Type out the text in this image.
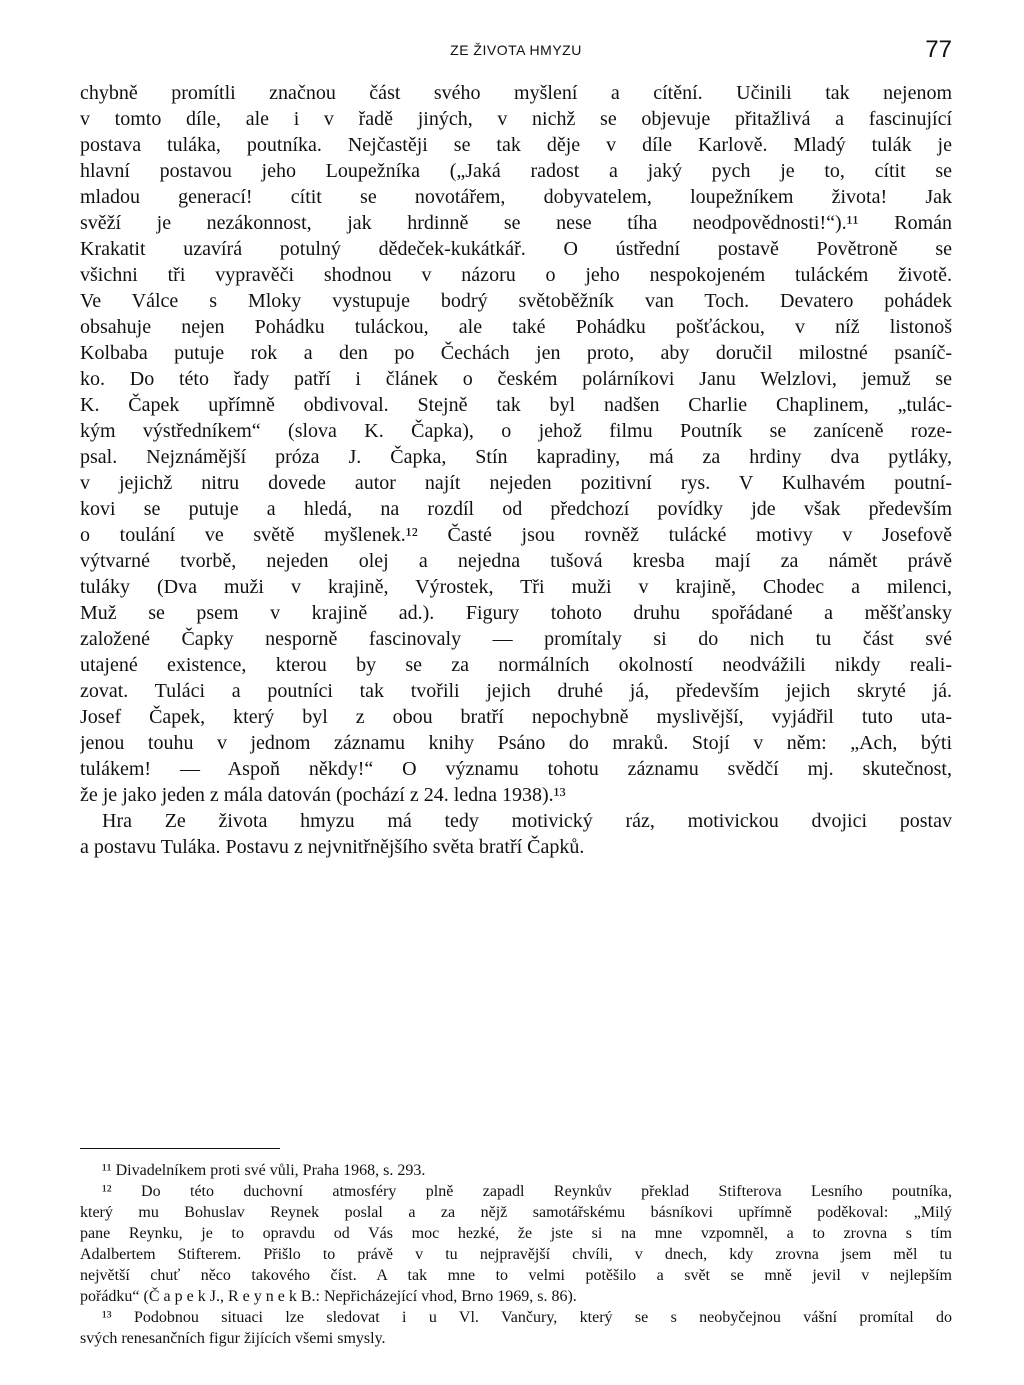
ZE ŽIVOTA HMYZU	77
chybně promítli značnou část svého myšlení a cítění. Učinili tak nejenom
v tomto díle, ale i v řadě jiných, v nichž se objevuje přitažlivá a fascinující
postava tuláka, poutníka. Nejčastěji se tak děje v díle Karlově. Mladý tulák je
hlavní postavou jeho Loupežníka („Jaká radost a jaký pych je to, cítit se
mladou generací! cítit se novotářem, dobyvatelem, loupežníkem života! Jak
svěží je nezákonnost, jak hrdinně se nese tíha neodpovědnosti!“).¹¹ Román
Krakatit uzavírá potulný dědeček-kukátkář. O ústřední postavě Povětroně se
všichni tři vypravěči shodnou v názoru o jeho nespokojeném tuláckém životě.
Ve Válce s Mloky vystupuje bodrý světoběžník van Toch. Devatero pohádek
obsahuje nejen Pohádku tuláckou, ale také Pohádku pošťáckou, v níž listonoš
Kolbaba putuje rok a den po Čechách jen proto, aby doručil milostné psaníč-
ko. Do této řady patří i článek o českém polárníkovi Janu Welzlovi, jemuž se
K. Čapek upřímně obdivoval. Stejně tak byl nadšen Charlie Chaplinem, „tulác-
kým výstředníkem“ (slova K. Čapka), o jehož filmu Poutník se zaníceně roze-
psal. Nejznámější próza J. Čapka, Stín kapradiny, má za hrdiny dva pytláky,
v jejichž nitru dovede autor najít nejeden pozitivní rys. V Kulhavém poutní-
kovi se putuje a hledá, na rozdíl od předchozí povídky jde však především
o toulání ve světě myšlenek.¹² Časté jsou rovněž tulácké motivy v Josefově
výtvarné tvorbě, nejeden olej a nejedna tušová kresba mají za námět právě
tuláky (Dva muži v krajině, Výrostek, Tři muži v krajině, Chodec a milenci,
Muž se psem v krajině ad.). Figury tohoto druhu spořádané a měšťansky
založené Čapky nesporně fascinovaly — promítaly si do nich tu část své
utajené existence, kterou by se za normálních okolností neodvážili nikdy reali-
zovat. Tuláci a poutníci tak tvořili jejich druhé já, především jejich skryté já.
Josef Čapek, který byl z obou bratří nepochybně myslivější, vyjádřil tuto uta-
jenou touhu v jednom záznamu knihy Psáno do mraků. Stojí v něm: „Ach, býti
tulákem! — Aspoň někdy!“ O významu tohotu záznamu svědčí mj. skutečnost,
že je jako jeden z mála datován (pochází z 24. ledna 1938).¹³
Hra Ze života hmyzu má tedy motivický ráz, motivickou dvojici postav
a postavu Tuláka. Postavu z nejvnitřnějšího světa bratří Čapků.
¹¹ Divadelníkem proti své vůli, Praha 1968, s. 293.
¹² Do této duchovní atmosféry plně zapadl Reynkův překlad Stifterova Lesního poutníka,
který mu Bohuslav Reynek poslal a za nějž samotářskému básníkovi upřímně poděkoval: „Milý
pane Reynku, je to opravdu od Vás moc hezké, že jste si na mne vzpomněl, a to zrovna s tím
Adalbertem Stifterem. Přišlo to právě v tu nejpravější chvíli, v dnech, kdy zrovna jsem měl tu
největší chuť něco takového číst. A tak mne to velmi potěšilo a svět se mně jevil v nejlepším
pořádku“ (Č a p e k J., R e y n e k B.: Nepřicházející vhod, Brno 1969, s. 86).
¹³ Podobnou situaci lze sledovat i u Vl. Vančury, který se s neobyčejnou vášní promítal do
svých renesančních figur žijících všemi smysly.
